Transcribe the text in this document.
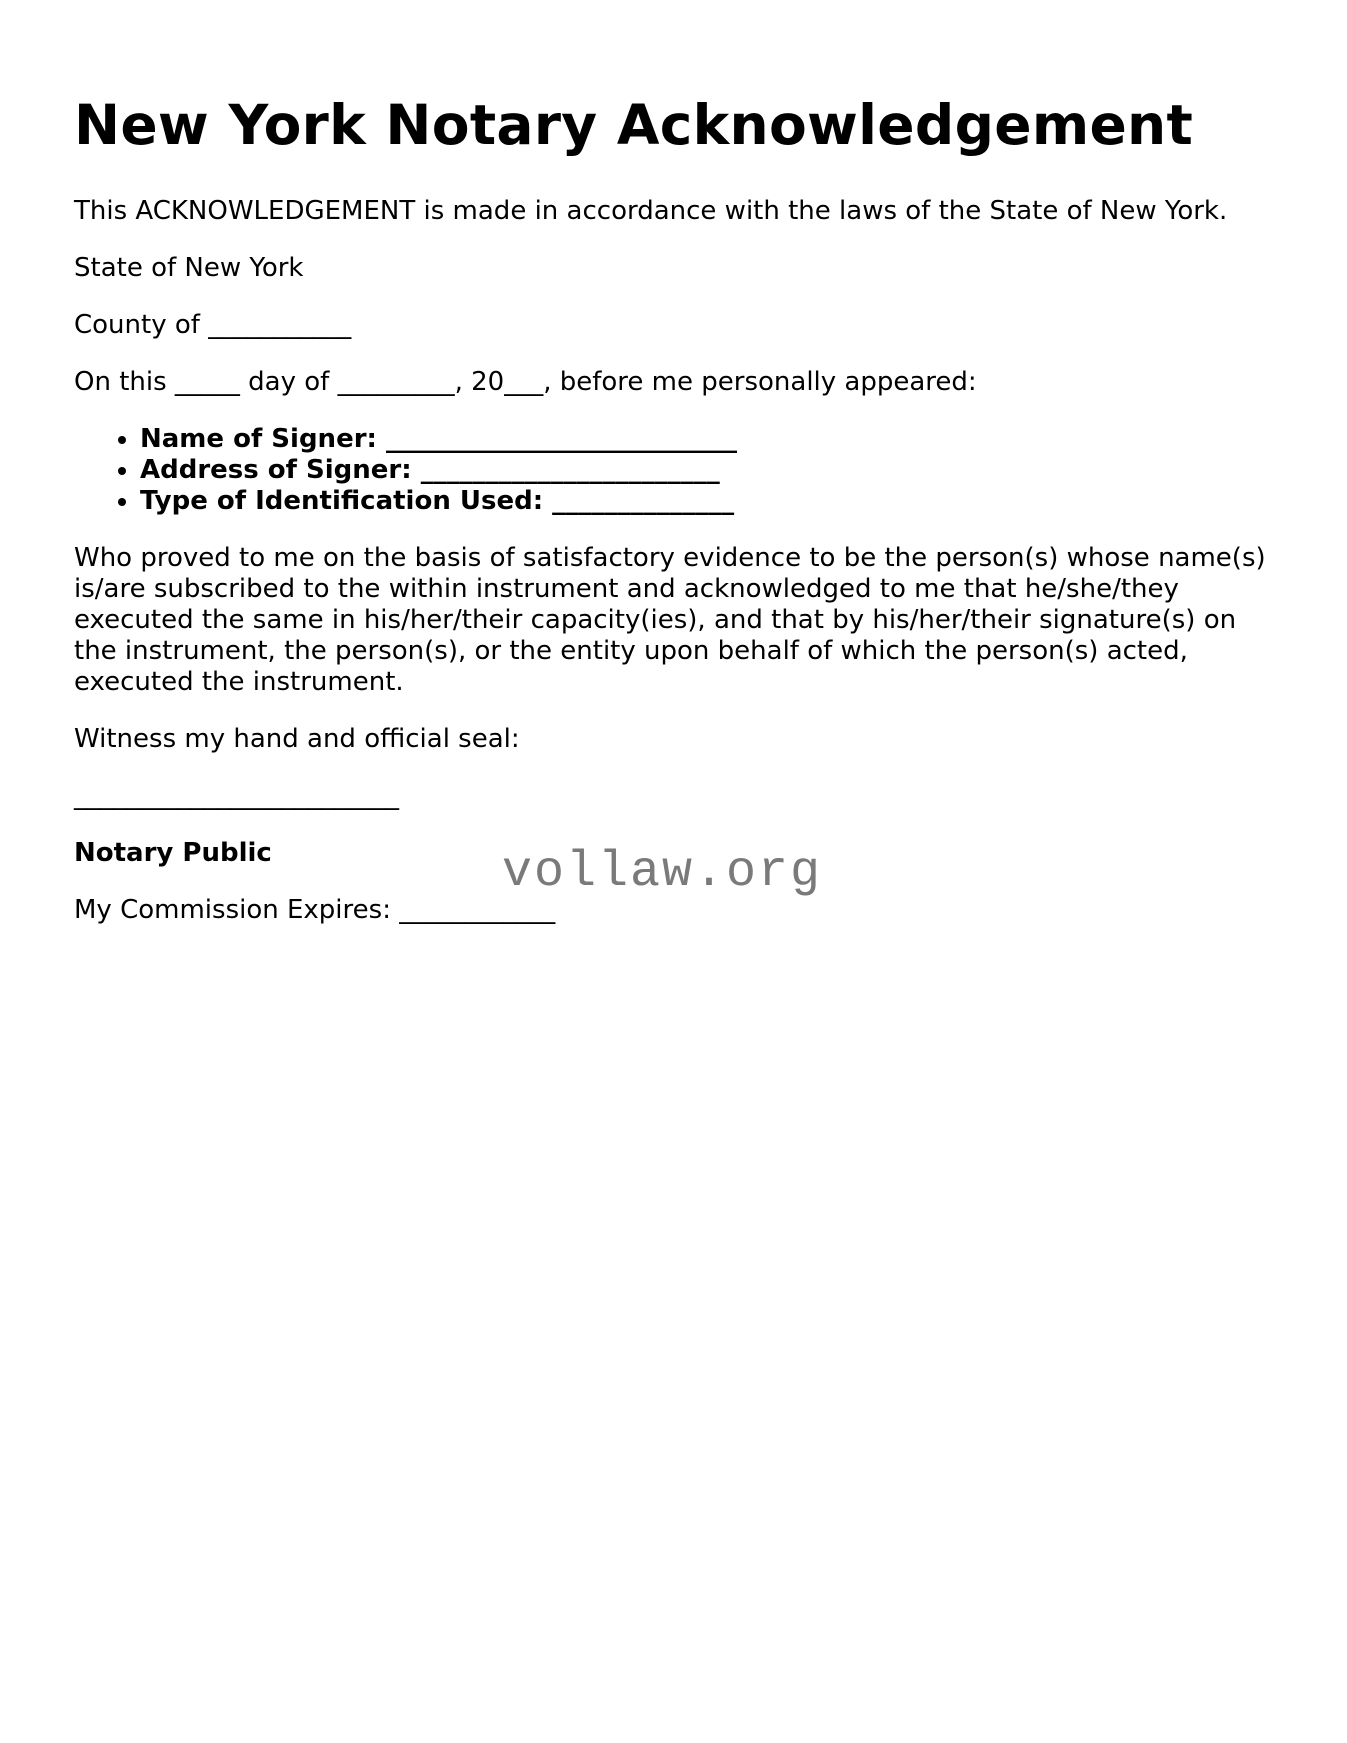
New York Notary Acknowledgement

This ACKNOWLEDGEMENT is made in accordance with the laws of the State of New York.

State of New York

County of ___________

On this _____ day of _________, 20___, before me personally appeared:

• Name of Signer: ___________________________
• Address of Signer: _______________________
• Type of Identification Used: ______________

Who proved to me on the basis of satisfactory evidence to be the person(s) whose name(s) is/are subscribed to the within instrument and acknowledged to me that he/she/they executed the same in his/her/their capacity(ies), and that by his/her/their signature(s) on the instrument, the person(s), or the entity upon behalf of which the person(s) acted, executed the instrument.

Witness my hand and official seal:

_________________________

Notary Public

My Commission Expires: ____________

vollaw.org
